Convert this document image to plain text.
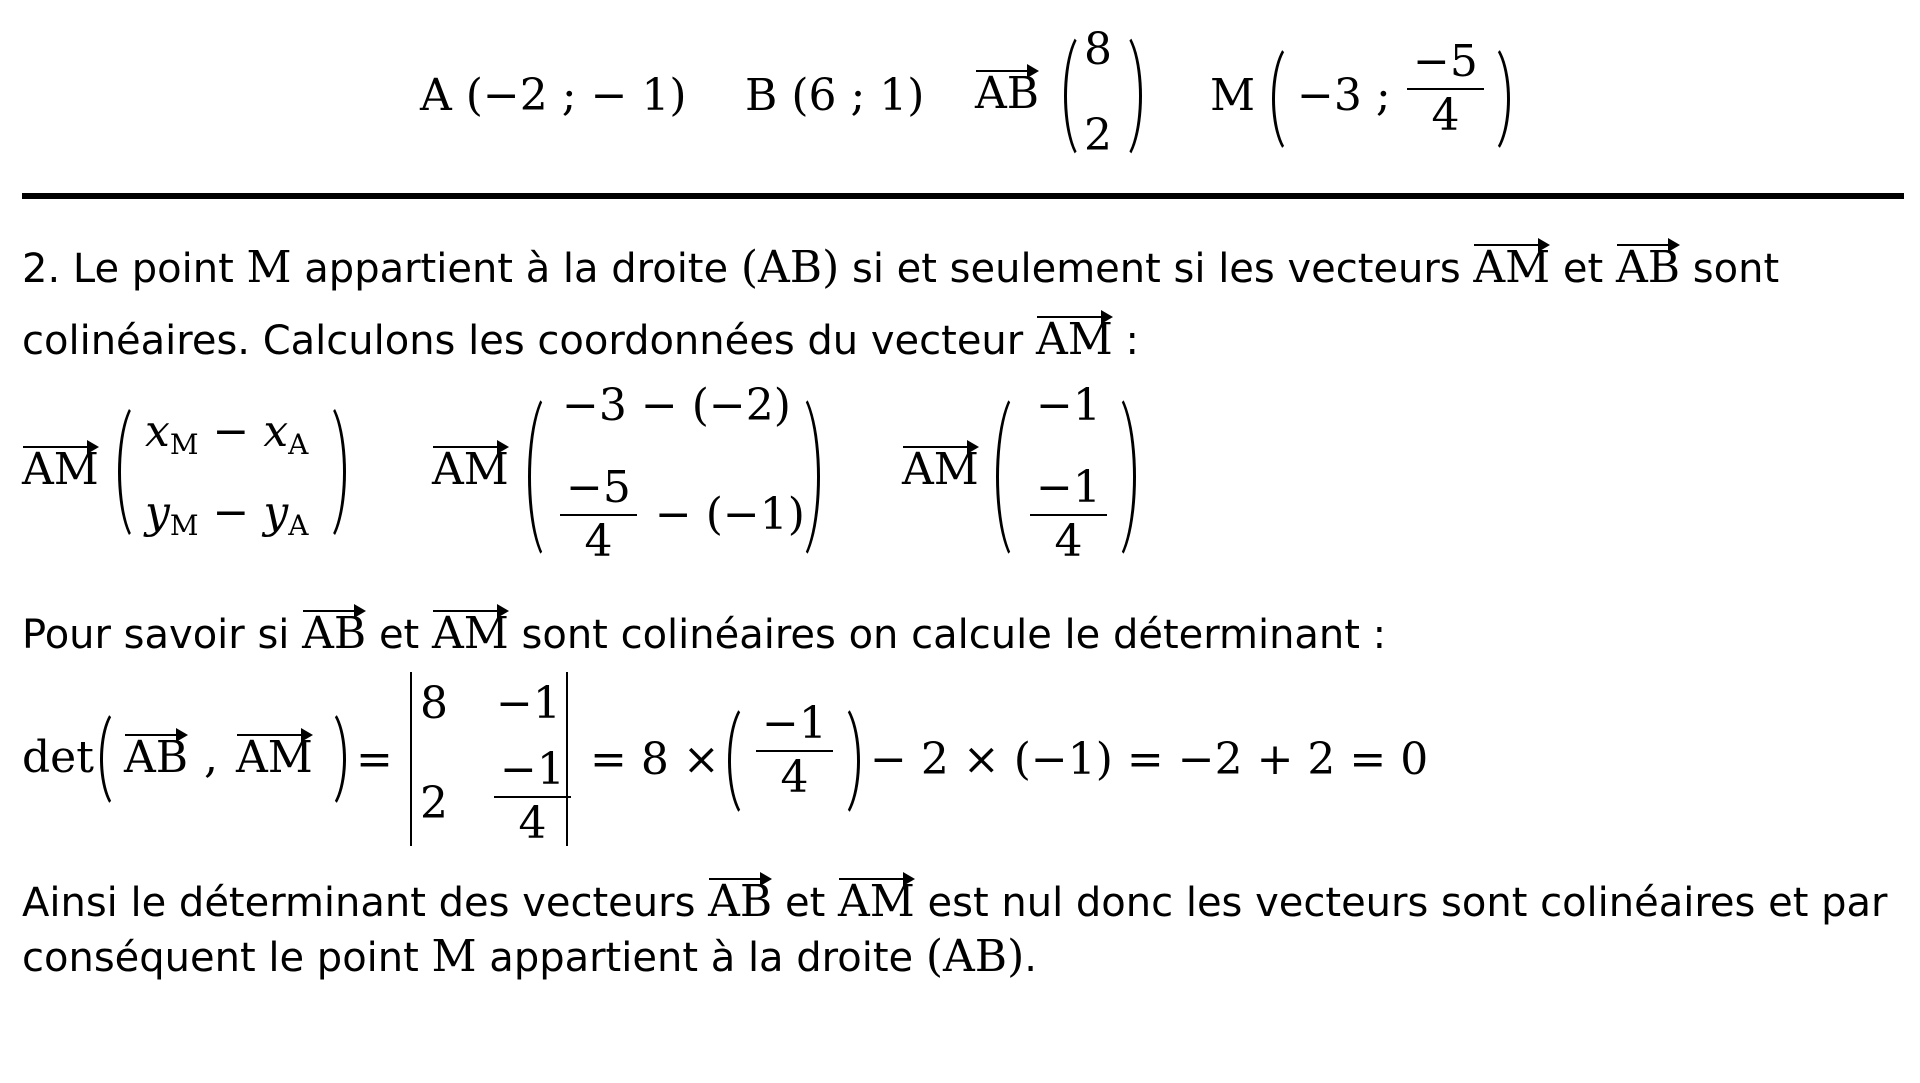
A (−2 ; − 1) B (6 ; 1) AB
8
2
M −3 ; $\frac{-5}{4}$
2. Le point M appartient à la droite (AB) si et seulement si les vecteurs AM et AB sont
colinéaires. Calculons les coordonnées du vecteur AM :
AM
$x_M - x_A$
$y_M - y_A$
AM
−3 − (−2)
$\frac{-5}{4} - (-1)$
AM
−1
$\frac{-1}{4}$
Pour savoir si AB et AM sont colinéaires on calcule le déterminant :
det AB , AM =
8 −1
$2 \frac{-1}{4} = 8 \times \frac{-1}{4} - 2 \times (-1) = -2 + 2 = 0$
Ainsi le déterminant des vecteurs AB et AM est nul donc les vecteurs sont colinéaires et par
conséquent le point M appartient à la droite (AB).
